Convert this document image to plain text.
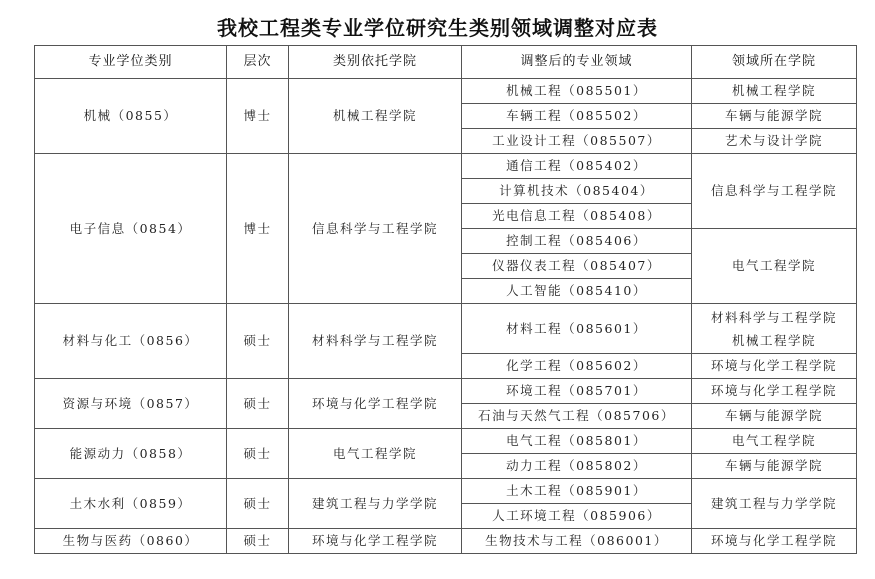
我校工程类专业学位研究生类别领域调整对应表
专业学位类别	层次	类别依托学院	调整后的专业领域	领域所在学院
机械（0855）	博士	机械工程学院	机械工程（085501）	机械工程学院
			车辆工程（085502）	车辆与能源学院
			工业设计工程（085507）	艺术与设计学院
电子信息（0854）	博士	信息科学与工程学院	通信工程（085402）	信息科学与工程学院
			计算机技术（085404）	
			光电信息工程（085408）	
			控制工程（085406）	电气工程学院
			仪器仪表工程（085407）	
			人工智能（085410）	
材料与化工（0856）	硕士	材料科学与工程学院	材料工程（085601）	材料科学与工程学院
机械工程学院

			化学工程（085602）	环境与化学工程学院
资源与环境（0857）	硕士	环境与化学工程学院	环境工程（085701）	环境与化学工程学院
			石油与天然气工程（085706）	车辆与能源学院
能源动力（0858）	硕士	电气工程学院	电气工程（085801）	电气工程学院
			动力工程（085802）	车辆与能源学院
土木水利（0859）	硕士	建筑工程与力学学院	土木工程（085901）	建筑工程与力学学院
			人工环境工程（085906）	
生物与医药（0860）	硕士	环境与化学工程学院	生物技术与工程（086001）	环境与化学工程学院
